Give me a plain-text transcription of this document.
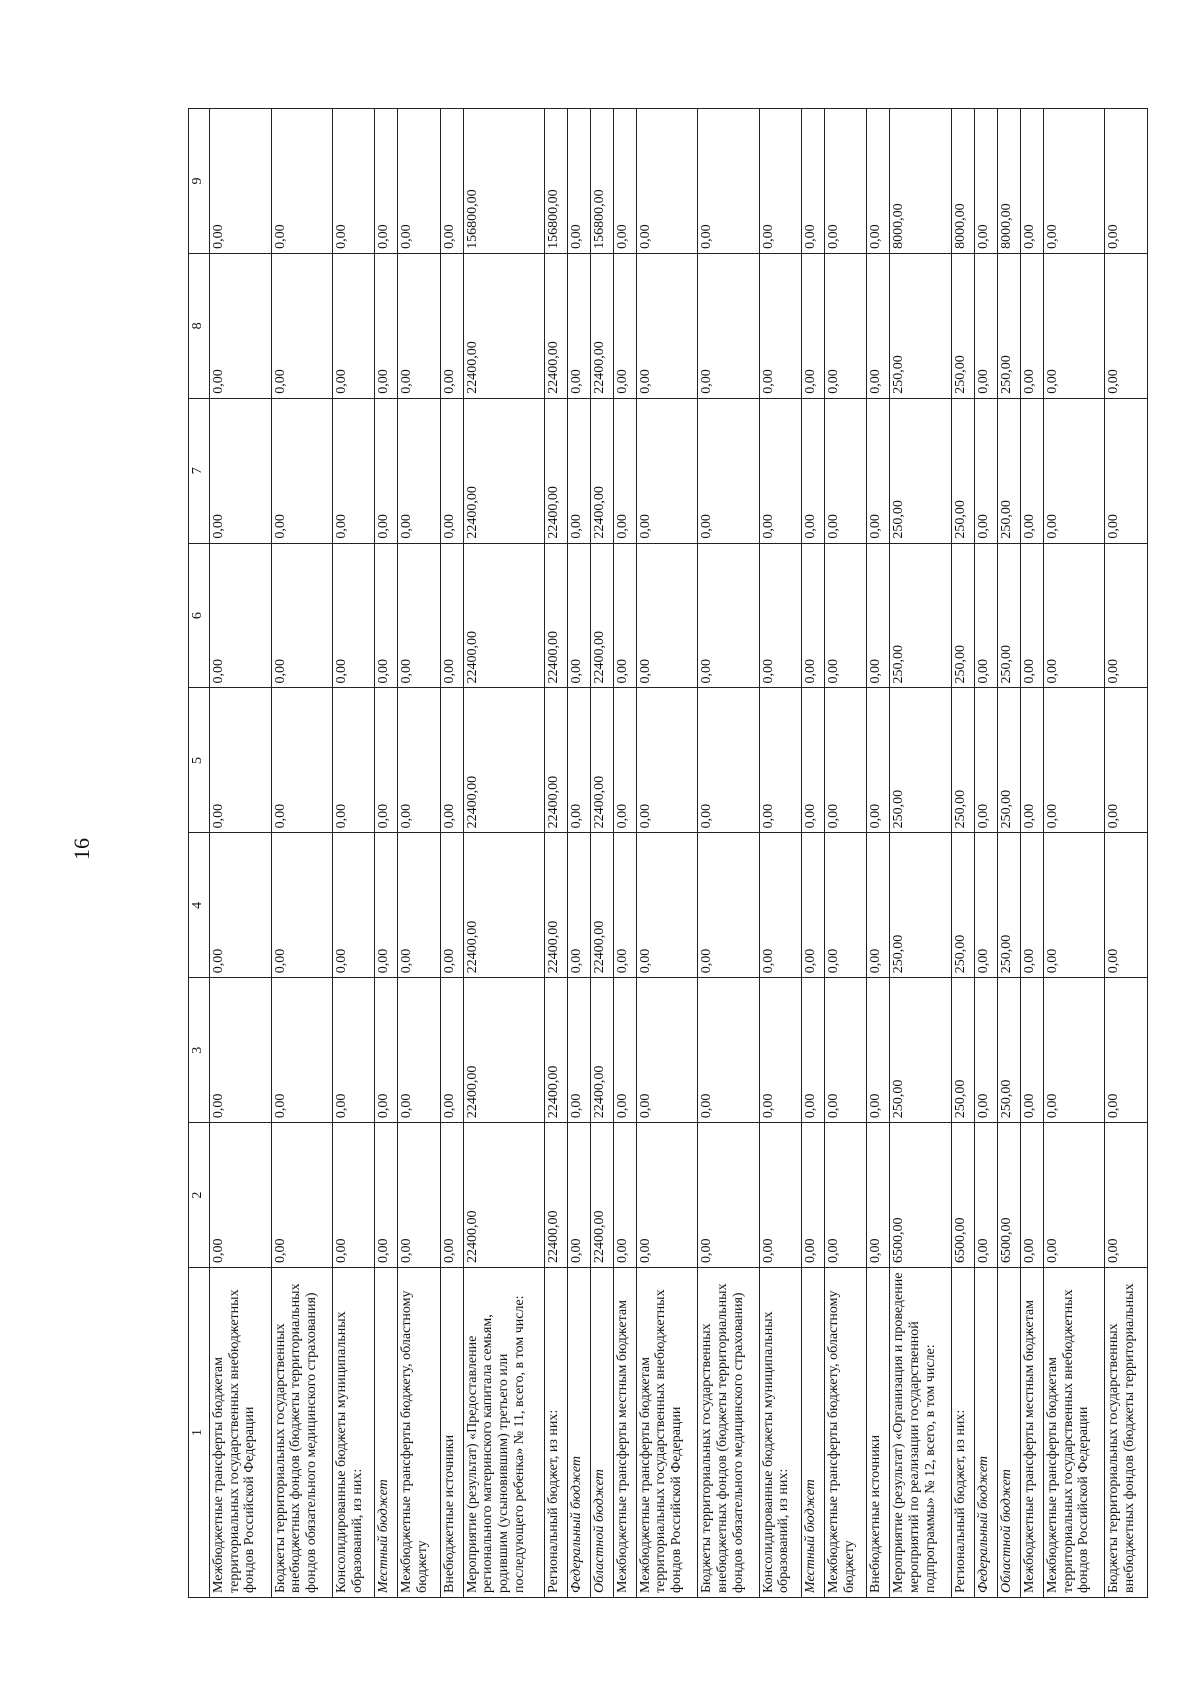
16
1	2	3	4	5	6	7	8	9
Межбюджетные трансферты бюджетам территориальных государственных внебюджетных фондов Российской Федерации	0,00	0,00	0,00	0,00	0,00	0,00	0,00	0,00
Бюджеты территориальных государственных внебюджетных фондов (бюджеты территориальных фондов обязательного медицинского страхования)	0,00	0,00	0,00	0,00	0,00	0,00	0,00	0,00
Консолидированные бюджеты муниципальных образований, из них:	0,00	0,00	0,00	0,00	0,00	0,00	0,00	0,00
Местный бюджет	0,00	0,00	0,00	0,00	0,00	0,00	0,00	0,00
Межбюджетные трансферты бюджету, областному бюджету	0,00	0,00	0,00	0,00	0,00	0,00	0,00	0,00
Внебюджетные источники	0,00	0,00	0,00	0,00	0,00	0,00	0,00	0,00
Мероприятие (результат) «Предоставление регионального материнского капитала семьям, родившим (усыновившим) третьего или последующего ребенка» № 11, всего, в том числе:	22400,00	22400,00	22400,00	22400,00	22400,00	22400,00	22400,00	156800,00
Региональный бюджет, из них:	22400,00	22400,00	22400,00	22400,00	22400,00	22400,00	22400,00	156800,00
Федеральный бюджет	0,00	0,00	0,00	0,00	0,00	0,00	0,00	0,00
Областной бюджет	22400,00	22400,00	22400,00	22400,00	22400,00	22400,00	22400,00	156800,00
Межбюджетные трансферты местным бюджетам	0,00	0,00	0,00	0,00	0,00	0,00	0,00	0,00
Межбюджетные трансферты бюджетам территориальных государственных внебюджетных фондов Российской Федерации	0,00	0,00	0,00	0,00	0,00	0,00	0,00	0,00
Бюджеты территориальных государственных внебюджетных фондов (бюджеты территориальных фондов обязательного медицинского страхования)	0,00	0,00	0,00	0,00	0,00	0,00	0,00	0,00
Консолидированные бюджеты муниципальных образований, из них:	0,00	0,00	0,00	0,00	0,00	0,00	0,00	0,00
Местный бюджет	0,00	0,00	0,00	0,00	0,00	0,00	0,00	0,00
Межбюджетные трансферты бюджету, областному бюджету	0,00	0,00	0,00	0,00	0,00	0,00	0,00	0,00
Внебюджетные источники	0,00	0,00	0,00	0,00	0,00	0,00	0,00	0,00
Мероприятие (результат) «Организация и проведение мероприятий по реализации государственной подпрограммы» № 12, всего, в том числе:	6500,00	250,00	250,00	250,00	250,00	250,00	250,00	8000,00
Региональный бюджет, из них:	6500,00	250,00	250,00	250,00	250,00	250,00	250,00	8000,00
Федеральный бюджет	0,00	0,00	0,00	0,00	0,00	0,00	0,00	0,00
Областной бюджет	6500,00	250,00	250,00	250,00	250,00	250,00	250,00	8000,00
Межбюджетные трансферты местным бюджетам	0,00	0,00	0,00	0,00	0,00	0,00	0,00	0,00
Межбюджетные трансферты бюджетам территориальных государственных внебюджетных фондов Российской Федерации	0,00	0,00	0,00	0,00	0,00	0,00	0,00	0,00
Бюджеты территориальных государственных внебюджетных фондов (бюджеты территориальных	0,00	0,00	0,00	0,00	0,00	0,00	0,00	0,00
